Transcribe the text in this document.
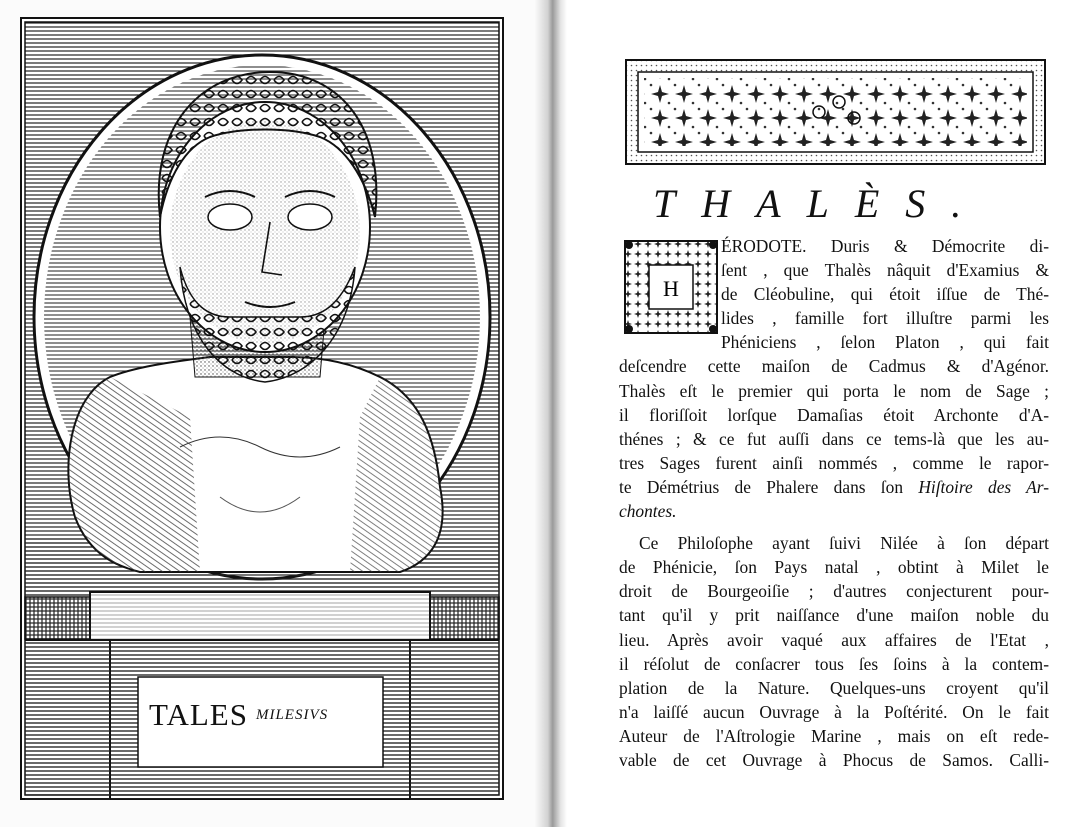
TALES MILESIVS
THALÈS.
H
ÉRODOTE. Duris & Démocrite di-
ſent , que Thalès nâquit d'Examius &
de Cléobuline, qui étoit iſſue de Thé-
lides , famille fort illuſtre parmi les
Phéniciens , ſelon Platon , qui fait
deſcendre cette maiſon de Cadmus & d'Agénor.
Thalès eſt le premier qui porta le nom de Sage ;
il floriſſoit lorſque Damaſias étoit Archonte d'A-
thénes ; & ce fut auſſi dans ce tems-là que les au-
tres Sages furent ainſi nommés , comme le rapor-
te Démétrius de Phalere dans ſon Hiſtoire des Ar-
chontes.
Ce Philoſophe ayant ſuivi Nilée à ſon départ
de Phénicie, ſon Pays natal , obtint à Milet le
droit de Bourgeoiſie ; d'autres conjecturent pour-
tant qu'il y prit naiſſance d'une maiſon noble du
lieu. Après avoir vaqué aux affaires de l'Etat ,
il réſolut de conſacrer tous ſes ſoins à la contem-
plation de la Nature. Quelques-uns croyent qu'il
n'a laiſſé aucun Ouvrage à la Poſtérité. On le fait
Auteur de l'Aſtrologie Marine , mais on eſt rede-
vable de cet Ouvrage à Phocus de Samos. Calli-
